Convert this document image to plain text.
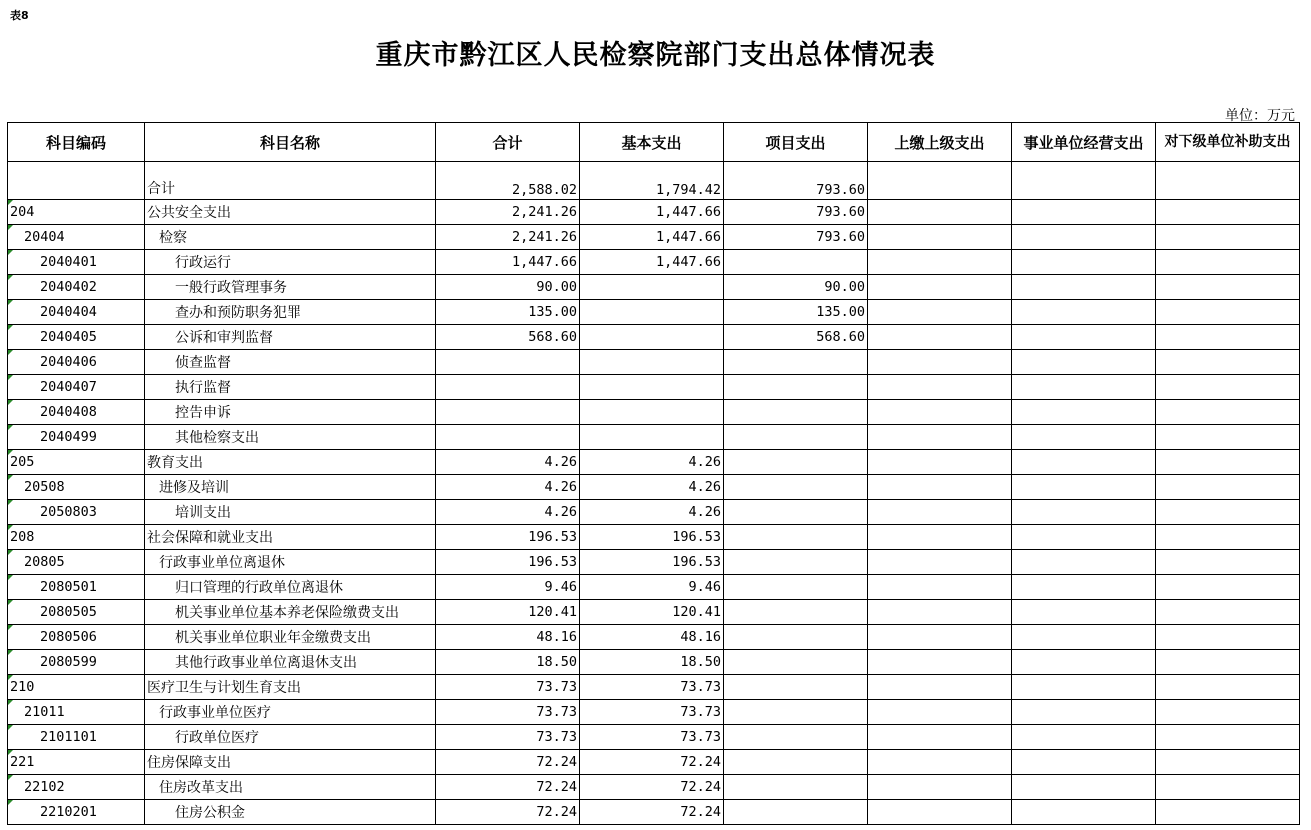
表8
重庆市黔江区人民检察院部门支出总体情况表
单位：万元
科目编码	科目名称	合计	基本支出	项目支出	上缴上级支出	事业单位经营支出	对下级单位补助支出
	合计	2,588.02	1,794.42	793.60			
204	公共安全支出	2,241.26	1,447.66	793.60			
20404	检察	2,241.26	1,447.66	793.60			
2040401	行政运行	1,447.66	1,447.66				
2040402	一般行政管理事务	90.00		90.00			
2040404	查办和预防职务犯罪	135.00		135.00			
2040405	公诉和审判监督	568.60		568.60			
2040406	侦查监督						
2040407	执行监督						
2040408	控告申诉						
2040499	其他检察支出						
205	教育支出	4.26	4.26				
20508	进修及培训	4.26	4.26				
2050803	培训支出	4.26	4.26				
208	社会保障和就业支出	196.53	196.53				
20805	行政事业单位离退休	196.53	196.53				
2080501	归口管理的行政单位离退休	9.46	9.46				
2080505	机关事业单位基本养老保险缴费支出	120.41	120.41				
2080506	机关事业单位职业年金缴费支出	48.16	48.16				
2080599	其他行政事业单位离退休支出	18.50	18.50				
210	医疗卫生与计划生育支出	73.73	73.73				
21011	行政事业单位医疗	73.73	73.73				
2101101	行政单位医疗	73.73	73.73				
221	住房保障支出	72.24	72.24				
22102	住房改革支出	72.24	72.24				
2210201	住房公积金	72.24	72.24				
